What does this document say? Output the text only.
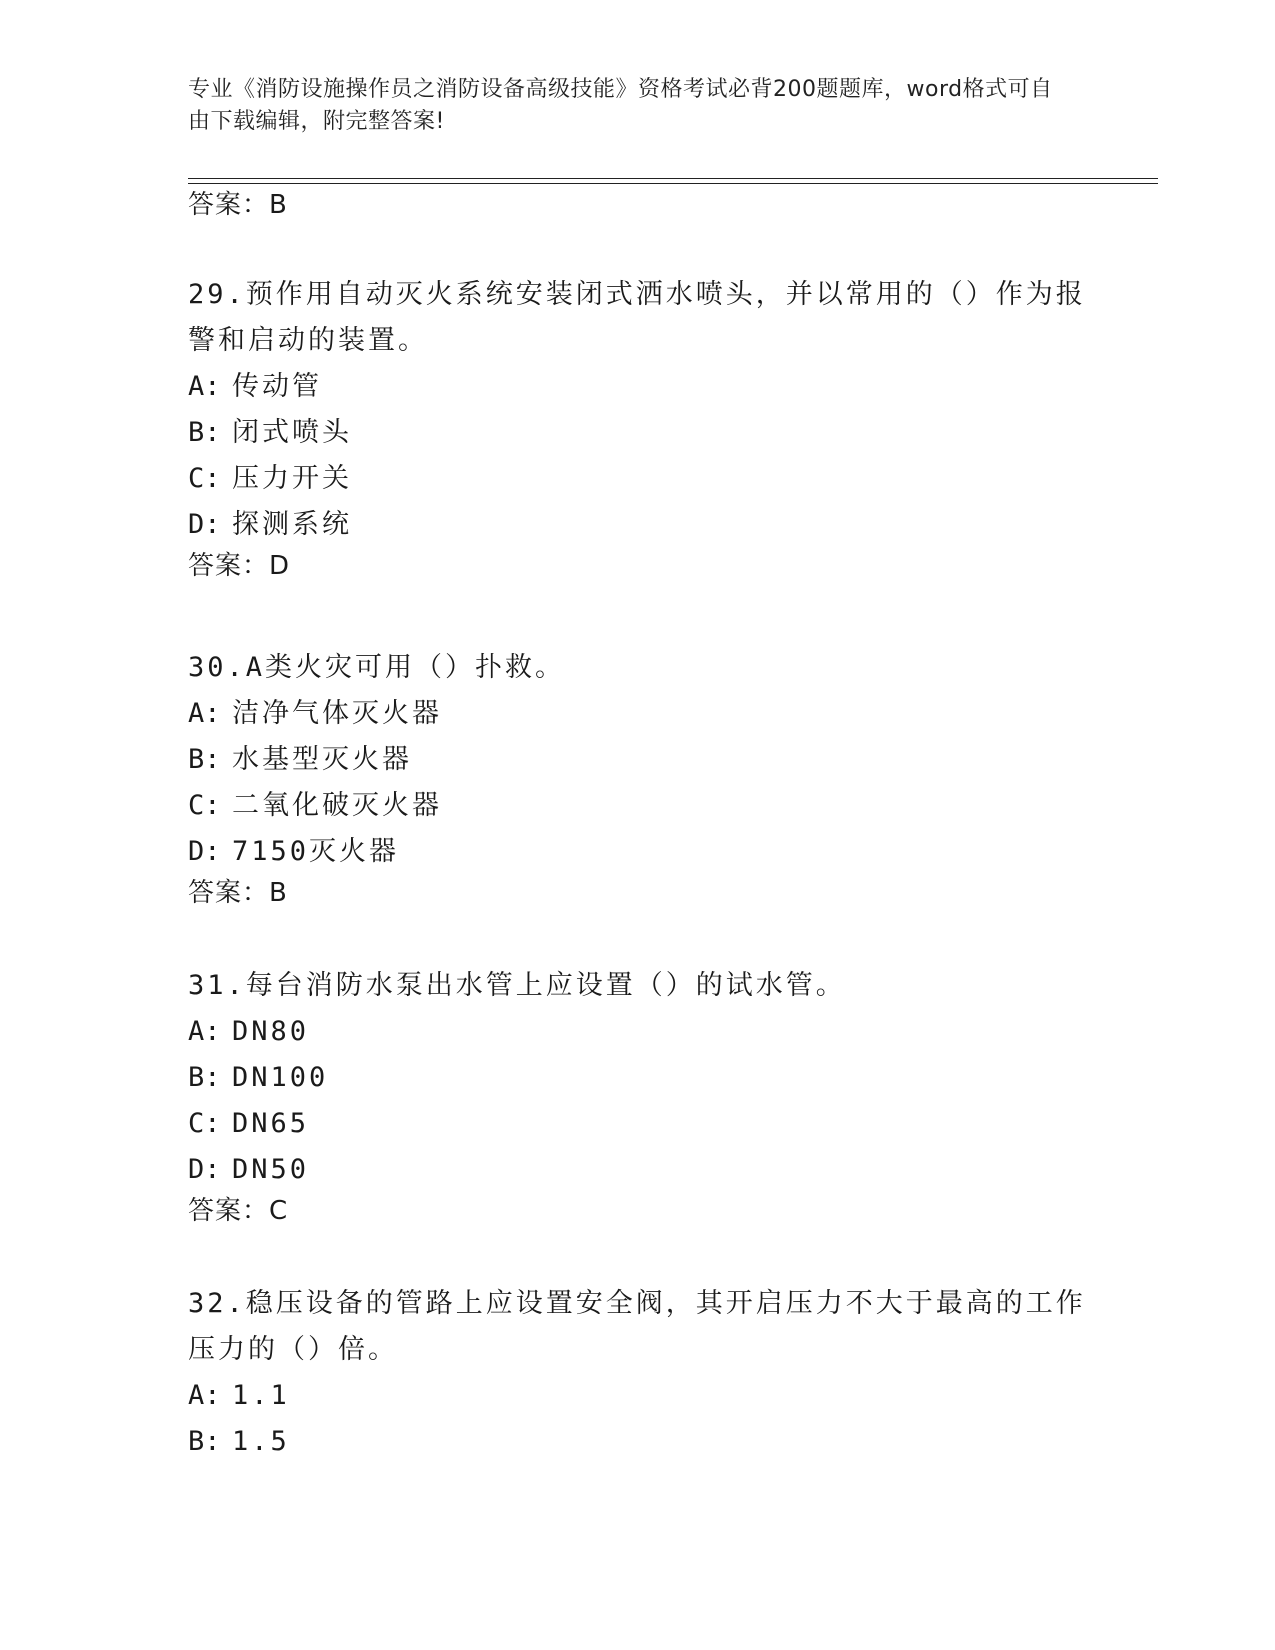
专业《消防设施操作员之消防设备高级技能》资格考试必背200题题库，word格式可自由下载编辑，附完整答案!
答案：B
29.预作用自动灭火系统安装闭式洒水喷头，并以常用的（）作为报警和启动的装置。
A: 传动管
B: 闭式喷头
C: 压力开关
D: 探测系统
答案：D
30.A类火灾可用（）扑救。
A: 洁净气体灭火器
B: 水基型灭火器
C: 二氧化破灭火器
D: 7150灭火器
答案：B
31.每台消防水泵出水管上应设置（）的试水管。
A: DN80
B: DN100
C: DN65
D: DN50
答案：C
32.稳压设备的管路上应设置安全阀，其开启压力不大于最高的工作压力的（）倍。
A: 1.1
B: 1.5
